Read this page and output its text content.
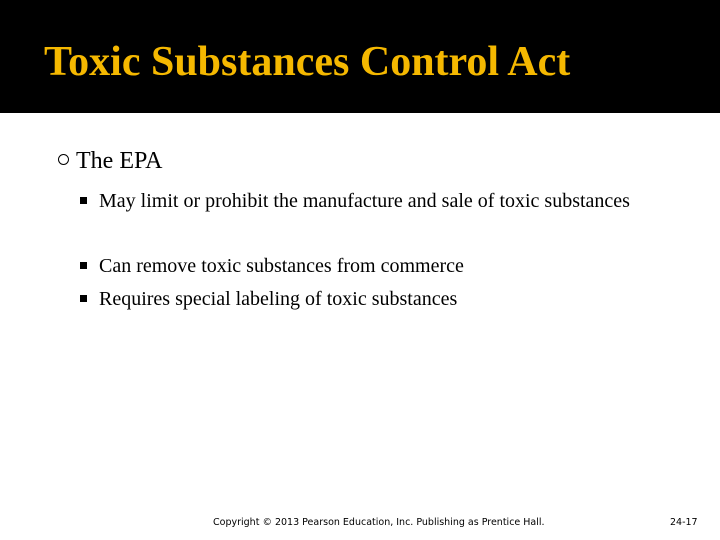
Toxic Substances Control Act
The EPA
May limit or prohibit the manufacture and sale of toxic substances
Can remove toxic substances from commerce
Requires special labeling of toxic substances
Copyright © 2013 Pearson Education, Inc. Publishing as Prentice Hall.	24-17
